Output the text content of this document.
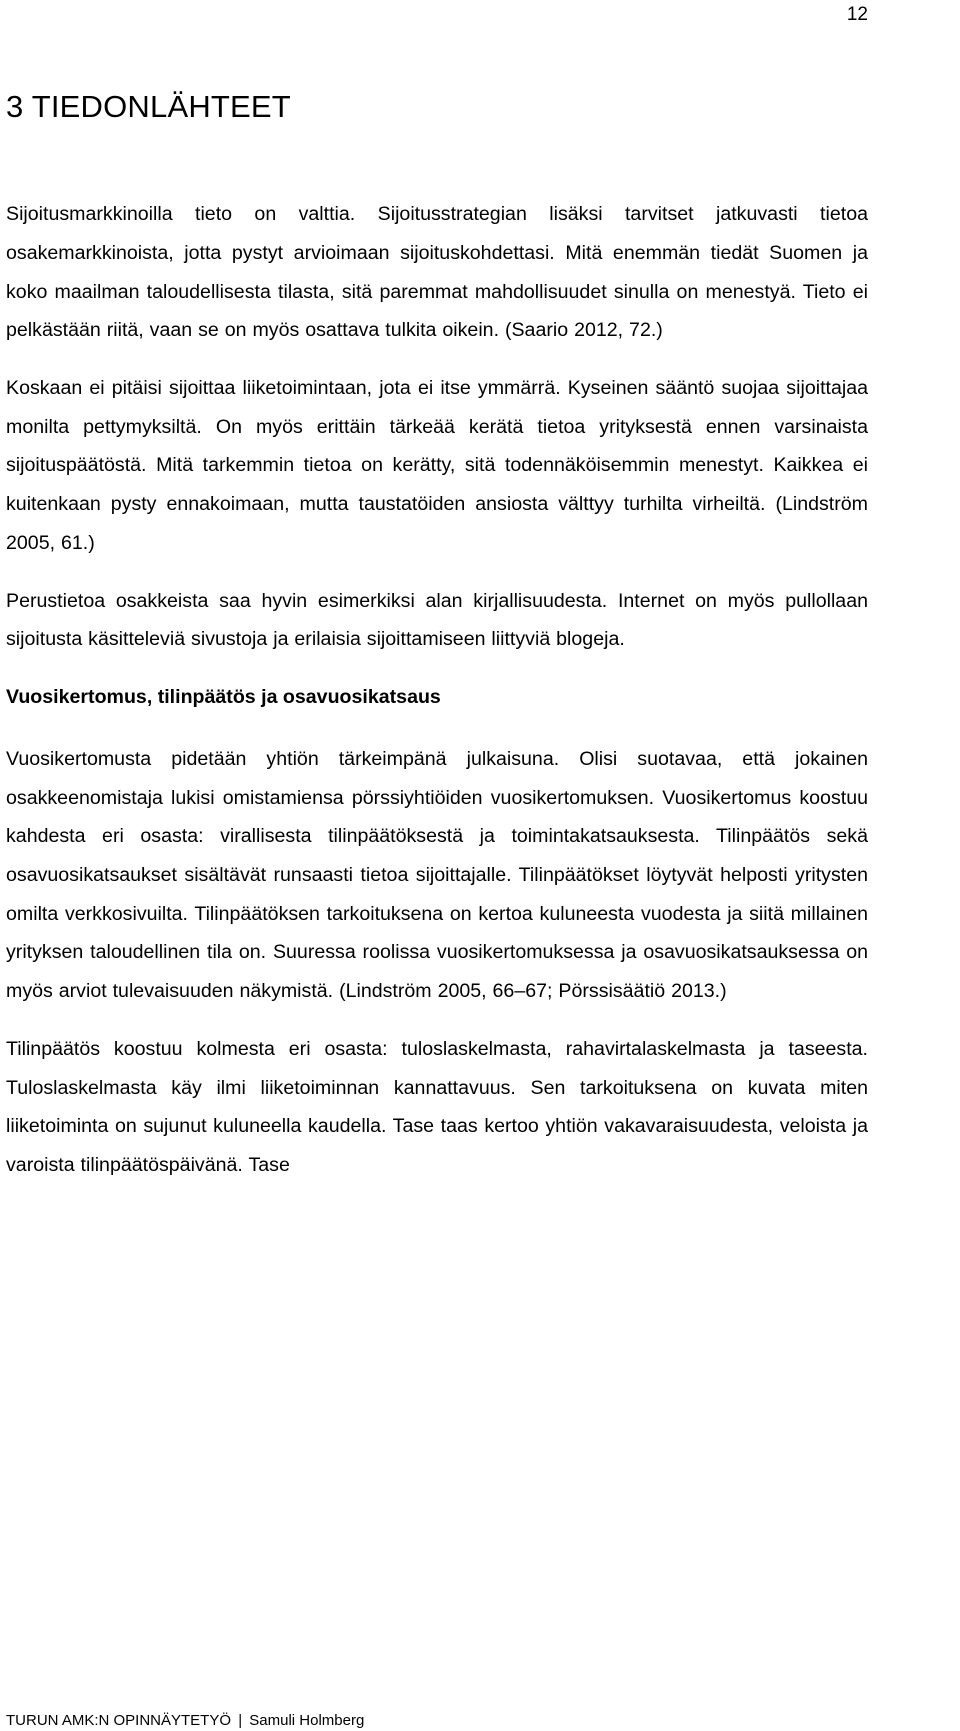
12
3 TIEDONLÄHTEET

Sijoitusmarkkinoilla tieto on valttia. Sijoitusstrategian lisäksi tarvitset jatkuvasti tietoa osakemarkkinoista, jotta pystyt arvioimaan sijoituskohdettasi. Mitä enemmän tiedät Suomen ja koko maailman taloudellisesta tilasta, sitä paremmat mahdollisuudet sinulla on menestyä. Tieto ei pelkästään riitä, vaan se on myös osattava tulkita oikein. (Saario 2012, 72.)

Koskaan ei pitäisi sijoittaa liiketoimintaan, jota ei itse ymmärrä. Kyseinen sääntö suojaa sijoittajaa monilta pettymyksiltä. On myös erittäin tärkeää kerätä tietoa yrityksestä ennen varsinaista sijoituspäätöstä. Mitä tarkemmin tietoa on kerätty, sitä todennäköisemmin menestyt. Kaikkea ei kuitenkaan pysty ennakoimaan, mutta taustatöiden ansiosta välttyy turhilta virheiltä. (Lindström 2005, 61.)

Perustietoa osakkeista saa hyvin esimerkiksi alan kirjallisuudesta. Internet on myös pullollaan sijoitusta käsitteleviä sivustoja ja erilaisia sijoittamiseen liittyviä blogeja.

Vuosikertomus, tilinpäätös ja osavuosikatsaus

Vuosikertomusta pidetään yhtiön tärkeimpänä julkaisuna. Olisi suotavaa, että jokainen osakkeenomistaja lukisi omistamiensa pörssiyhtiöiden vuosikertomuksen. Vuosikertomus koostuu kahdesta eri osasta: virallisesta tilinpäätöksestä ja toimintakatsauksesta. Tilinpäätös sekä osavuosikatsaukset sisältävät runsaasti tietoa sijoittajalle. Tilinpäätökset löytyvät helposti yritysten omilta verkkosivuilta. Tilinpäätöksen tarkoituksena on kertoa kuluneesta vuodesta ja siitä millainen yrityksen taloudellinen tila on. Suuressa roolissa vuosikertomuksessa ja osavuosikatsauksessa on myös arviot tulevaisuuden näkymistä. (Lindström 2005, 66–67; Pörssisäätiö 2013.)

Tilinpäätös koostuu kolmesta eri osasta: tuloslaskelmasta, rahavirtalaskelmasta ja taseesta. Tuloslaskelmasta käy ilmi liiketoiminnan kannattavuus. Sen tarkoituksena on kuvata miten liiketoiminta on sujunut kuluneella kaudella. Tase taas kertoo yhtiön vakavaraisuudesta, veloista ja varoista tilinpäätöspäivänä. Tase

TURUN AMK:N OPINNÄYTETYÖ | Samuli Holmberg
